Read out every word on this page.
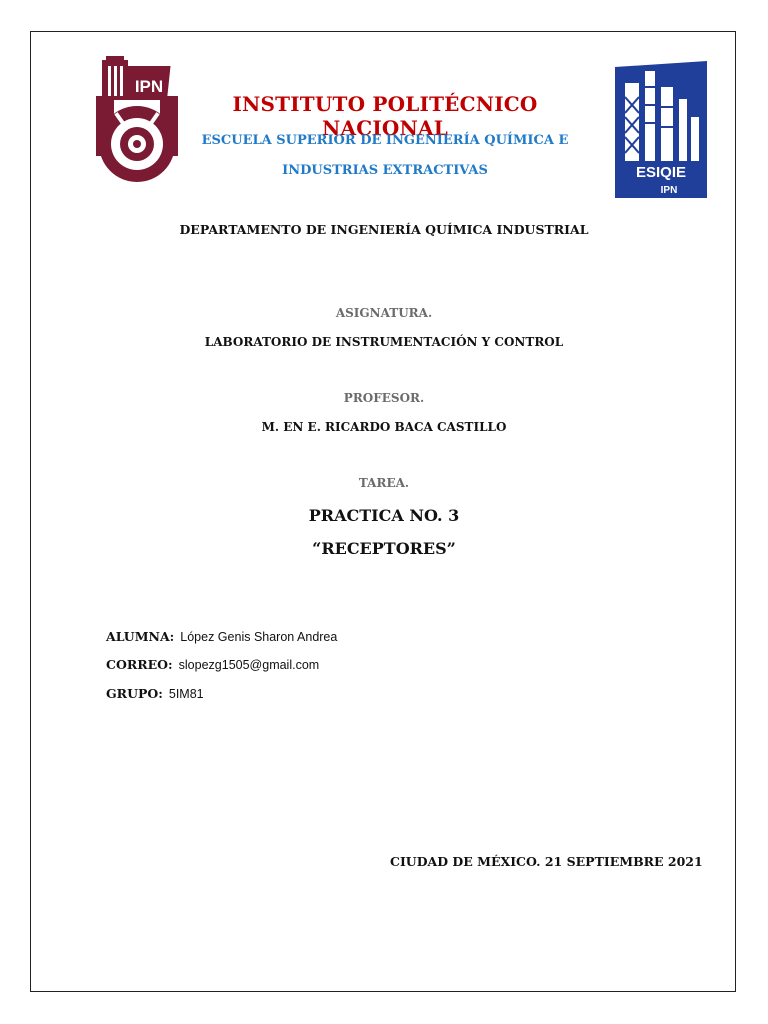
IPN
ESIQIE
IPN
INSTITUTO POLITÉCNICO NACIONAL
ESCUELA SUPERIOR DE INGENIERÍA QUÍMICA E
INDUSTRIAS EXTRACTIVAS
DEPARTAMENTO DE INGENIERÍA QUÍMICA INDUSTRIAL
ASIGNATURA.
LABORATORIO DE INSTRUMENTACIÓN Y CONTROL
PROFESOR.
M. EN E. RICARDO BACA CASTILLO
TAREA.
PRACTICA NO. 3
“RECEPTORES”
ALUMNA: López Genis Sharon Andrea
CORREO: slopezg1505@gmail.com
GRUPO: 5IM81
CIUDAD DE MÉXICO. 21 SEPTIEMBRE 2021
